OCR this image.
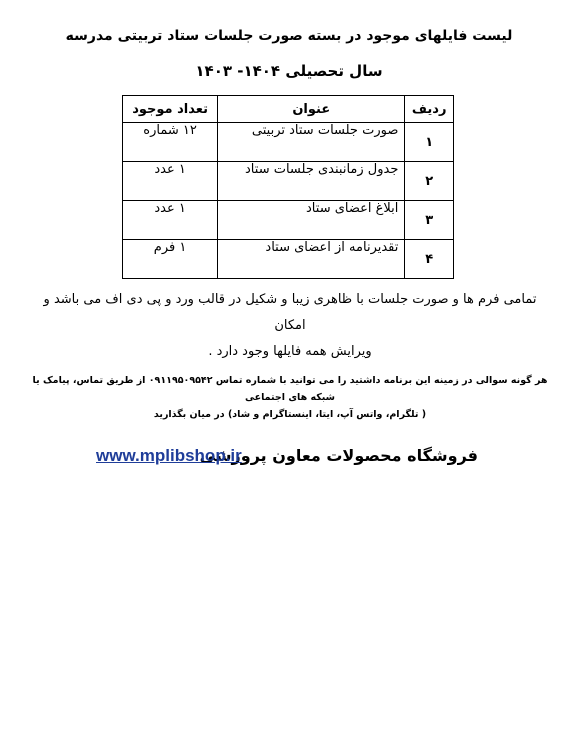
لیست فایلهای موجود در بسته صورت جلسات ستاد تربیتی مدرسه
سال تحصیلی ۱۴۰۴- ۱۴۰۳
ردیف	عنوان	تعداد موجود
۱	صورت جلسات ستاد تربیتی	۱۲ شماره
۲	جدول زمانبندی جلسات ستاد	۱ عدد
۳	ابلاغ اعضای ستاد	۱ عدد
۴	تقدیرنامه از اعضای ستاد	۱ فرم
تمامی فرم ها و صورت جلسات با ظاهری زیبا و شکیل در قالب ورد و پی دی اف می باشد و امکان
ویرایش همه فایلها وجود دارد .
هر گونه سوالی در زمینه این برنامه داشتید را می توانید با شماره تماس ۰۹۱۱۹۵۰۹۵۴۲ از طریق تماس، پیامک یا شبکه های اجتماعی
( تلگرام، واتس آپ، ایتا، اینستاگرام و شاد) در میان بگذارید
فروشگاه محصولات معاون پرورشی
www.mplibshop.ir
